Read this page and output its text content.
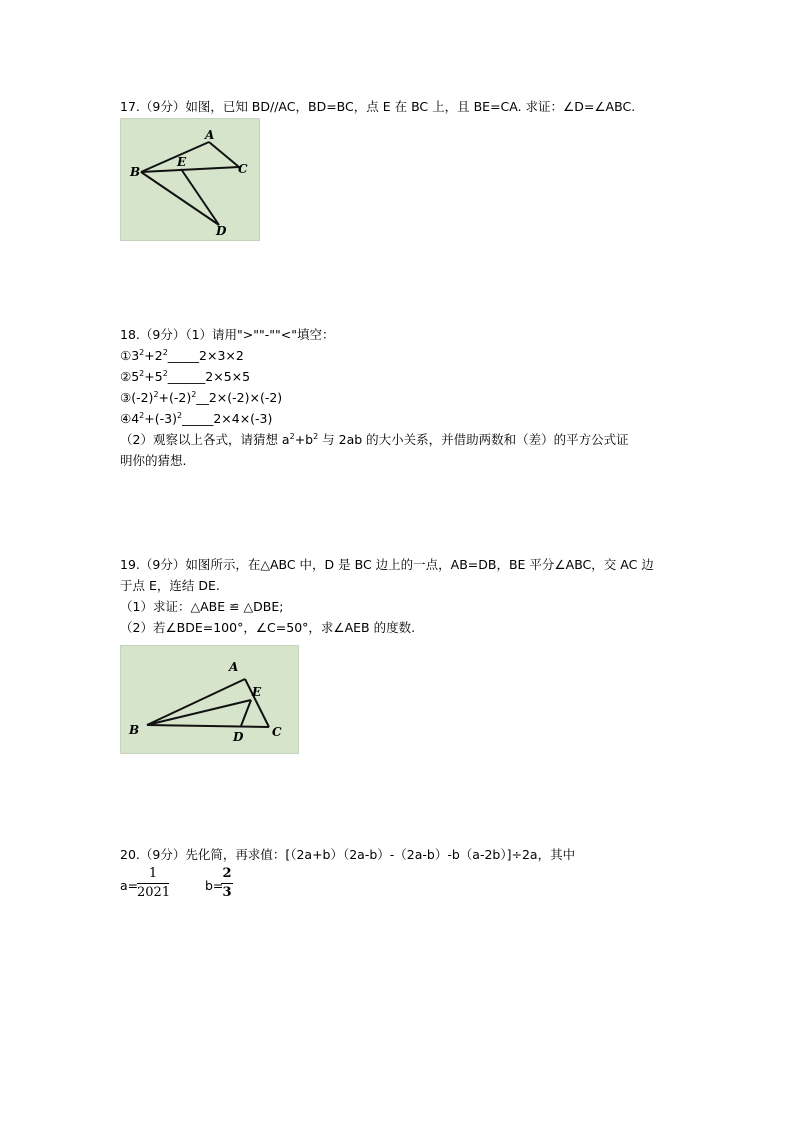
17.（9分）如图，已知 BD//AC，BD=BC，点 E 在 BC 上，且 BE=CA. 求证：∠D=∠ABC.
A
B	C
E
D
18.（9分）（1）请用">""-""<"填空：
$①3^2+2^2\_\_\_\_\_2\times 3\times 2$
$②5^2+5^2\_\_\_\_\_\_2\times 5\times 5$
$③(-2)^2+(-2)^2\_\_2\times(-2)\times(-2)$
$④4^2+(-3)^2\_\_\_\_\_2\times 4\times(-3)$
（2）观察以上各式，请猜想 $a^2+b^2$ 与 2ab 的大小关系，并借助两数和（差）的平方公式证
明你的猜想.
19.（9分）如图所示，在△ABC 中，D 是 BC 边上的一点，AB=DB，BE 平分∠ABC，交 AC 边
于点 E，连结 DE.
（1）求证：△ABE ≌ △DBE;
（2）若∠BDE=100°，∠C=50°，求∠AEB 的度数.
A
E
B	D C
20.（9分）先化简，再求值：[（2a+b）（2a-b）-（2a-b）-b（a-2b）]÷2a，其中
a=
1
2021	b=
2
3
